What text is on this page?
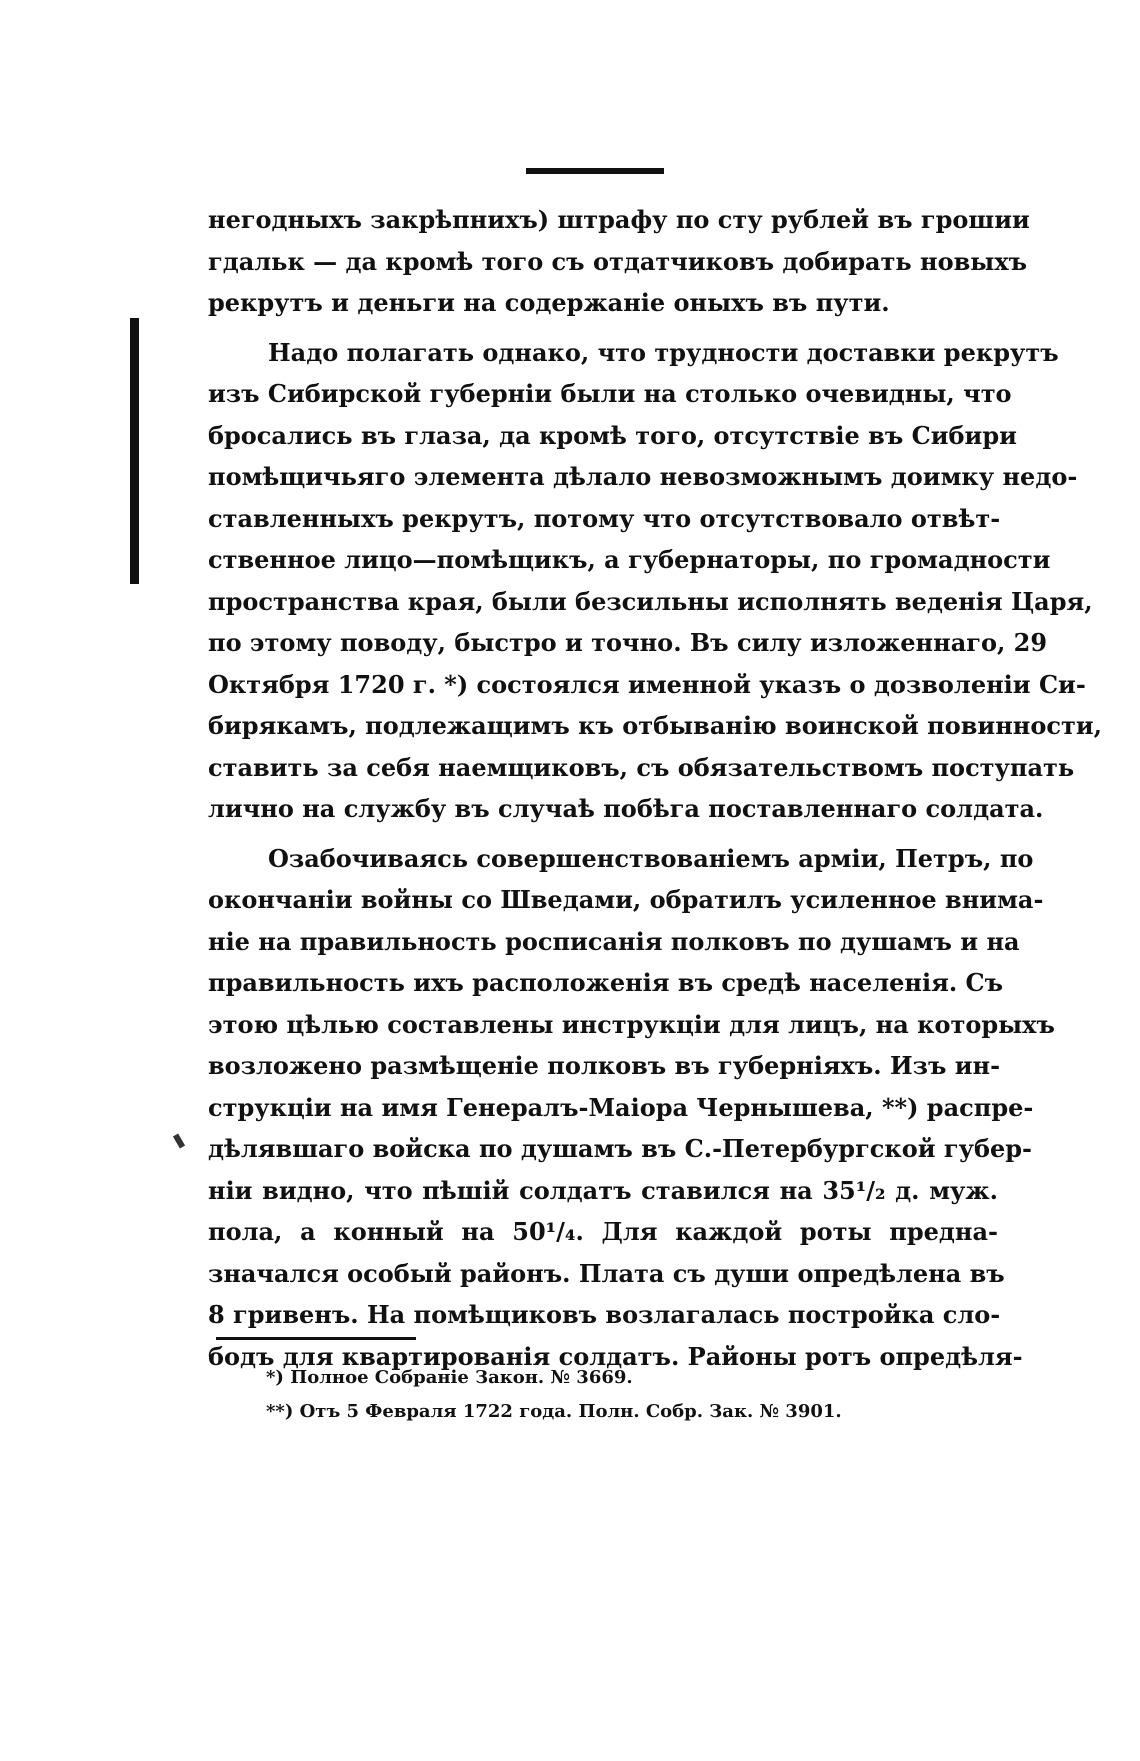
негодныхъ закрѣпнихъ) штрафу по сту рублей въ грошии
гдальк — да кромѣ того съ отдатчиковъ добирать новыхъ
рекрутъ и деньги на содержаніе оныхъ въ пути.
Надо полагать однако, что трудности доставки рекрутъ
изъ Сибирской губерніи были на столько очевидны, что
бросались въ глаза, да кромѣ того, отсутствіе въ Сибири
помѣщичьяго элемента дѣлало невозможнымъ доимку недо-
ставленныхъ рекрутъ, потому что отсутствовало отвѣт-
ственное лицо—помѣщикъ, а губернаторы, по громадности
пространства края, были безсильны исполнять веденія Царя,
по этому поводу, быстро и точно. Въ силу изложеннаго, 29
Октября 1720 г. *) состоялся именной указъ о дозволеніи Си-
бирякамъ, подлежащимъ къ отбыванію воинской повинности,
ставить за себя наемщиковъ, съ обязательствомъ поступать
лично на службу въ случаѣ побѣга поставленнаго солдата.
Озабочиваясь совершенствованіемъ арміи, Петръ, по
окончаніи войны со Шведами, обратилъ усиленное внима-
ніе на правильность росписанія полковъ по душамъ и на
правильность ихъ расположенія въ средѣ населенія. Съ
этою цѣлью составлены инструкціи для лицъ, на которыхъ
возложено размѣщеніе полковъ въ губерніяхъ. Изъ ин-
струкціи на имя Генералъ-Маіора Чернышева, **) распре-
дѣлявшаго войска по душамъ въ С.-Петербургской губер-
ніи видно, что пѣшій солдатъ ставился на 35¹/₂ д. муж.
пола, а конный на 50¹/₄. Для каждой роты предна-
значался особый районъ. Плата съ души опредѣлена въ
8 гривенъ. На помѣщиковъ возлагалась постройка сло-
бодъ для квартированія солдатъ. Районы ротъ опредѣля-
*) Полное Собраніе Закон. № 3669.
**) Отъ 5 Февраля 1722 года. Полн. Собр. Зак. № 3901.
